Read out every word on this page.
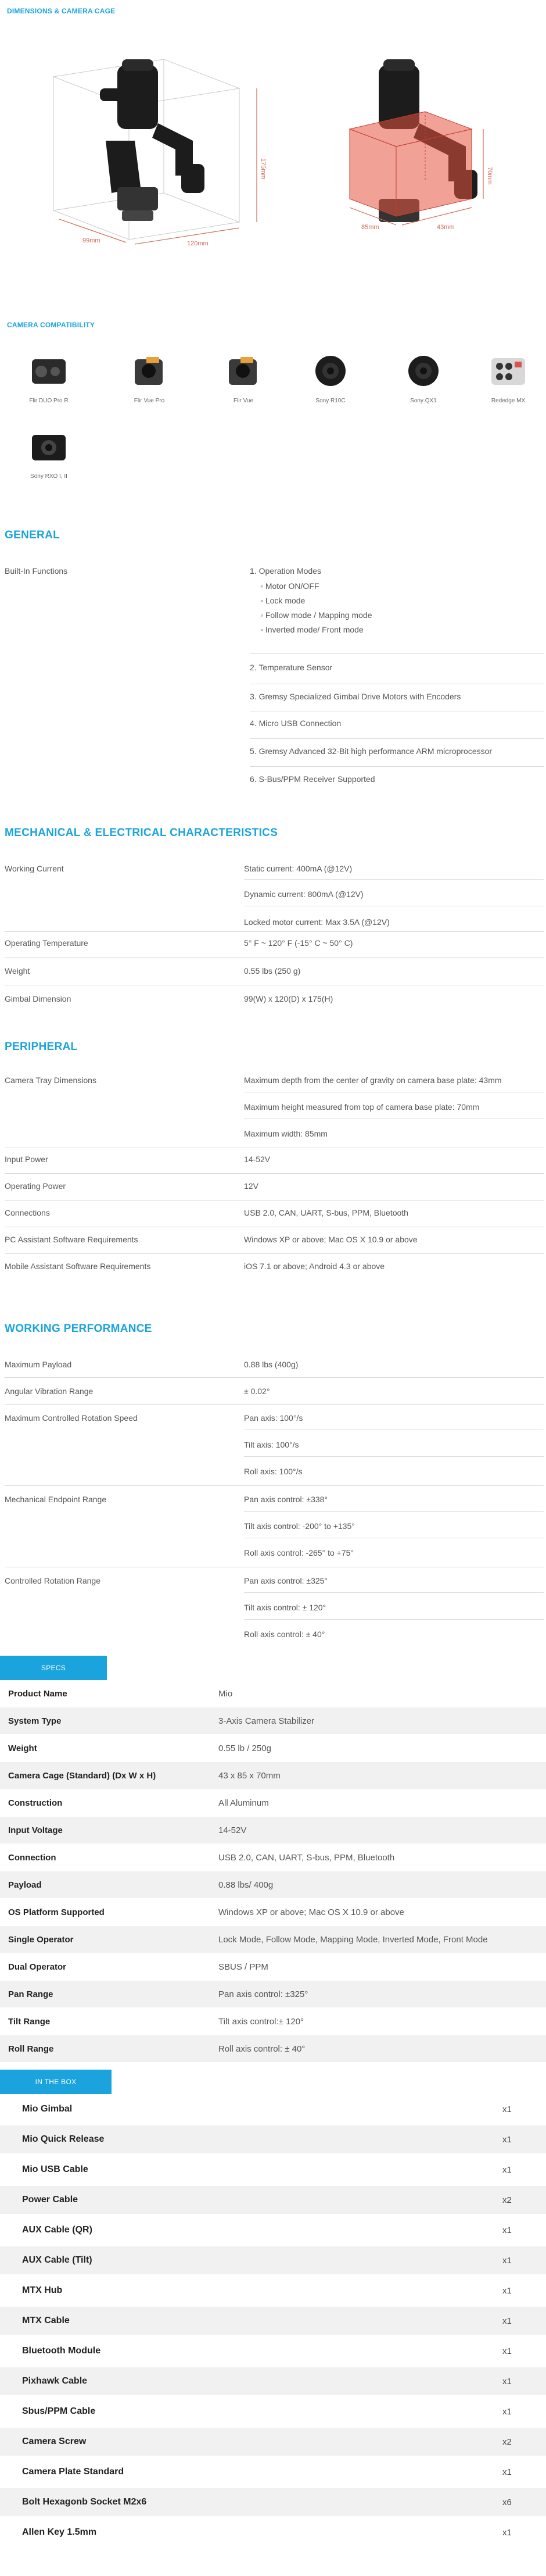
DIMENSIONS & CAMERA CAGE
175mm
99mm	120mm
70mm
85mm	43mm
CAMERA COMPATIBILITY
Flir DUO Pro R	Flir Vue Pro	Flir Vue	Sony R10C	Sony QX1	Rededge MX
Sony RXO I, II
GENERAL
Built-In Functions	1. Operation Modes
◦ Motor ON/OFF
◦ Lock mode
◦ Follow mode / Mapping mode
◦ Inverted mode/ Front mode
2. Temperature Sensor
3. Gremsy Specialized Gimbal Drive Motors with Encoders
4. Micro USB Connection
5. Gremsy Advanced 32-Bit high performance ARM microprocessor
6. S-Bus/PPM Receiver Supported
MECHANICAL & ELECTRICAL CHARACTERISTICS
Working Current	Static current: 400mA (@12V)
Dynamic current: 800mA (@12V)
Locked motor current: Max 3.5A (@12V)
Operating Temperature	5° F ~ 120° F (-15° C ~ 50° C)
Weight	0.55 lbs (250 g)
Gimbal Dimension	99(W) x 120(D) x 175(H)
PERIPHERAL
Camera Tray Dimensions	Maximum depth from the center of gravity on camera base plate: 43mm
Maximum height measured from top of camera base plate: 70mm
Maximum width: 85mm
Input Power	14-52V
Operating Power	12V
Connections	USB 2.0, CAN, UART, S-bus, PPM, Bluetooth
PC Assistant Software Requirements	Windows XP or above; Mac OS X 10.9 or above
Mobile Assistant Software Requirements	iOS 7.1 or above; Android 4.3 or above
WORKING PERFORMANCE
Maximum Payload	0.88 lbs (400g)
Angular Vibration Range	± 0.02°
Maximum Controlled Rotation Speed	Pan axis: 100°/s
Tilt axis: 100°/s
Roll axis: 100°/s
Mechanical Endpoint Range	Pan axis control: ±338°
Tilt axis control: -200° to +135°
Roll axis control: -265° to +75°
Controlled Rotation Range	Pan axis control: ±325°
Tilt axis control: ± 120°
Roll axis control: ± 40°
SPECS
Product Name	Mio
System Type	3-Axis Camera Stabilizer
Weight	0.55 lb / 250g
Camera Cage (Standard) (Dx W x H)	43 x 85 x 70mm
Construction	All Aluminum
Input Voltage	14-52V
Connection	USB 2.0, CAN, UART, S-bus, PPM, Bluetooth
Payload	0.88 lbs/ 400g
OS Platform Supported	Windows XP or above; Mac OS X 10.9 or above
Single Operator	Lock Mode, Follow Mode, Mapping Mode, Inverted Mode, Front Mode
Dual Operator	SBUS / PPM
Pan Range	Pan axis control: ±325°
Tilt Range	Tilt axis control:± 120°
Roll Range	Roll axis control: ± 40°
IN THE BOX
Mio Gimbal	x1
Mio Quick Release	x1
Mio USB Cable	x1
Power Cable	x2
AUX Cable (QR)	x1
AUX Cable (Tilt)	x1
MTX Hub	x1
MTX Cable	x1
Bluetooth Module	x1
Pixhawk Cable	x1
Sbus/PPM Cable	x1
Camera Screw	x2
Camera Plate Standard	x1
Bolt Hexagonb Socket M2x6	x6
Allen Key 1.5mm	x1
